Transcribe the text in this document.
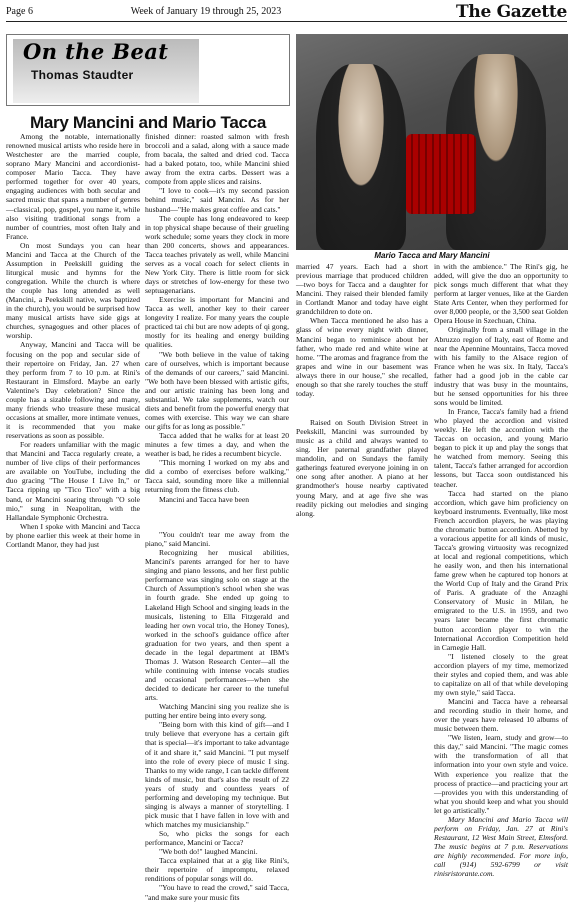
Page 6	Week of January 19 through 25, 2023	The Gazette
On the Beat
Thomas Staudter
Mary Mancini and Mario Tacca
Mario Tacca and Mary Mancini

Among the notable, internationally renowned musical artists who reside here in Westchester are the married couple, soprano Mary Mancini and accordionist-composer Mario Tacca. They have performed together for over 40 years, engaging audiences with both secular and sacred music that spans a number of genres—classical, pop, gospel, you name it, while also visiting traditional songs from a number of countries, most often Italy and France.

On most Sundays you can hear Mancini and Tacca at the Church of the Assumption in Peekskill guiding the liturgical music and hymns for the congregation. While the church is where the couple has long attended as well (Mancini, a Peekskill native, was baptized in the church), you would be surprised how many musical artists have side gigs at churches, synagogues and other places of worship.

Anyway, Mancini and Tacca will be focusing on the pop and secular side of their repertoire on Friday, Jan. 27 when they perform from 7 to 10 p.m. at Rini's Restaurant in Elmsford. Maybe an early Valentine's Day celebration? Since the couple has a sizable following and many, many friends who treasure these musical occasions at smaller, more intimate venues, it is recommended that you make reservations as soon as possible.

For readers unfamiliar with the magic that Mancini and Tacca regularly create, a number of live clips of their performances are available on YouTube, including the duo gracing "The House I Live In," or Tacca ripping up "Tico Tico" with a big band, or Mancini soaring through "O sole mio," sung in Neapolitan, with the Hallandale Symphonic Orchestra.

When I spoke with Mancini and Tacca by phone earlier this week at their home in Cortlandt Manor, they had just

finished dinner: roasted salmon with fresh broccoli and a salad, along with a sauce made from bacala, the salted and dried cod. Tacca had a baked potato, too, while Mancini shied away from the extra carbs. Dessert was a compote from apple slices and raisins.

"I love to cook—it's my second passion behind music," said Mancini. As for her husband—"He makes great coffee and cats."

The couple has long endeavored to keep in top physical shape because of their grueling work schedule; some years they clock in more than 200 concerts, shows and appearances. Tacca teaches privately as well, while Mancini serves as a vocal coach for select clients in New York City. There is little room for sick days or stretches of low-energy for these two septuagenarians.

Exercise is important for Mancini and Tacca as well, another key to their career longevity I realize. For many years the couple practiced tai chi but are now adepts of qi gong, mostly for its healing and energy building qualities.

"We both believe in the value of taking care of ourselves, which is important because of the demands of our careers," said Mancini. "We both have been blessed with artistic gifts, and our artistic training has been long and substantial. We take supplements, watch our diets and benefit from the powerful energy that comes with exercise. This way we can share our gifts for as long as possible."

Tacca added that he walks for at least 20 minutes a few times a day, and when the weather is bad, he rides a recumbent bicycle.

"This morning I worked on my abs and did a combo of exercises before walking," Tacca said, sounding more like a millennial returning from the fitness club.

Mancini and Tacca have been

"You couldn't tear me away from the piano," said Mancini.

Recognizing her musical abilities, Mancini's parents arranged for her to have singing and piano lessons, and her first public performance was singing solo on stage at the Church of Assumption's school when she was in fourth grade. She ended up going to Lakeland High School and singing leads in the musicals, listening to Ella Fitzgerald and leading her own vocal trio, the Honey Tones), worked in the school's guidance office after graduation for two years, and then spent a decade in the legal department at IBM's Thomas J. Watson Research Center—all the while continuing with intense vocals studies and occasional performances—when she decided to dedicate her career to the tuneful arts.

Watching Mancini sing you realize she is putting her entire being into every song.

"Being born with this kind of gift—and I truly believe that everyone has a certain gift that is special—it's important to take advantage of it and share it," said Mancini. "I put myself into the role of every piece of music I sing. Thanks to my wide range, I can tackle different kinds of music, but that's also the result of 22 years of study and countless years of performing and developing my technique. But singing is always a manner of storytelling. I pick music that I have fallen in love with and which matches my musicianship."

So, who picks the songs for each performance, Mancini or Tacca?

"We both do!" laughed Mancini.

Tacca explained that at a gig like Rini's, their repertoire of impromptu, relaxed renditions of popular songs will do.

"You have to read the crowd," said Tacca, "and make sure your music fits

married 47 years. Each had a short previous marriage that produced children—two boys for Tacca and a daughter for Mancini. They raised their blended family in Cortlandt Manor and today have eight grandchildren to dote on.

When Tacca mentioned he also has a glass of wine every night with dinner, Mancini began to reminisce about her father, who made red and white wine at home. "The aromas and fragrance from the grapes and wine in our basement was always there in our house," she recalled, enough so that she rarely touches the stuff today.

Raised on South Division Street in Peekskill, Mancini was surrounded by music as a child and always wanted to sing. Her paternal grandfather played mandolin, and on Sundays the family gatherings featured everyone joining in on one song after another. A piano at her grandmother's house nearby captivated young Mary, and at age five she was readily picking out melodies and singing along.

in with the ambience." The Rini's gig, he added, will give the duo an opportunity to pick songs much different that what they perform at larger venues, like at the Garden State Arts Center, when they performed for over 8,000 people, or the 3,500 seat Golden Opera House in Szechuan, China.

Originally from a small village in the Abruzzo region of Italy, east of Rome and near the Apennine Mountains, Tacca moved with his family to the Alsace region of France when he was six. In Italy, Tacca's father had a good job in the cable car industry that was busy in the mountains, but he sensed opportunities for his three sons would be limited.

In France, Tacca's family had a friend who played the accordion and visited weekly. He left the accordion with the Taccas on occasion, and young Mario began to pick it up and play the songs that he watched from memory. Seeing this talent, Tacca's father arranged for accordion lessons, but Tacca soon outdistanced his teacher.

Tacca had started on the piano accordion, which gave him proficiency on keyboard instruments. Eventually, like most French accordion players, he was playing the chromatic button accordion. Abetted by a voracious appetite for all kinds of music, Tacca's growing virtuosity was recognized at local and regional competitions, which he easily won, and then his international fame grew when he captured top honors at the World Cup of Italy and the Grand Prix of Paris. A graduate of the Anzaghi Conservatory of Music in Milan, he emigrated to the U.S. in 1959, and two years later became the first chromatic button accordion player to win the International Accordion Competition held in Carnegie Hall.

"I listened closely to the great accordion players of my time, memorized their styles and copied them, and was able to capitalize on all of that while developing my own style," said Tacca.

Mancini and Tacca have a rehearsal and recording studio in their home, and over the years have released 10 albums of music between them.

"We listen, learn, study and grow—to this day," said Mancini. "The magic comes with the transformation of all that information into your own style and voice. With experience you realize that the process of practice—and practicing your art—provides you with this understanding of what you should keep and what you should let go artistically."

Mary Mancini and Mario Tacca will perform on Friday, Jan. 27 at Rini's Restaurant, 12 West Main Street, Elmsford. The music begins at 7 p.m. Reservations are highly recommended. For more info, call (914) 592-6799 or visit rinisristorante.com.
